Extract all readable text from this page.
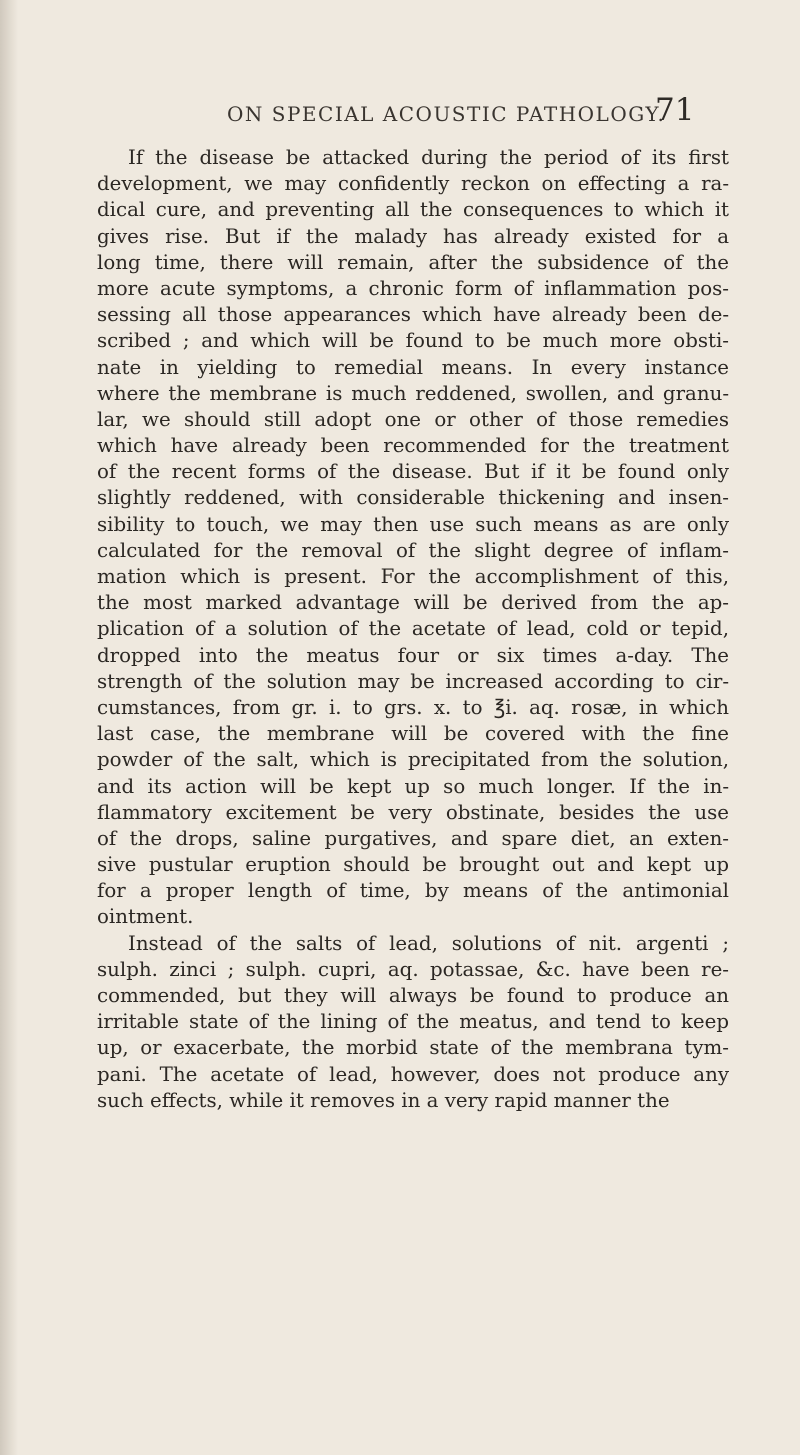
ON SPECIAL ACOUSTIC PATHOLOGY.
71
If the disease be attacked during the period of its first
development, we may confidently reckon on effecting a ra-
dical cure, and preventing all the consequences to which it
gives rise. But if the malady has already existed for a
long time, there will remain, after the subsidence of the
more acute symptoms, a chronic form of inflammation pos-
sessing all those appearances which have already been de-
scribed ; and which will be found to be much more obsti-
nate in yielding to remedial means. In every instance
where the membrane is much reddened, swollen, and granu-
lar, we should still adopt one or other of those remedies
which have already been recommended for the treatment
of the recent forms of the disease. But if it be found only
slightly reddened, with considerable thickening and insen-
sibility to touch, we may then use such means as are only
calculated for the removal of the slight degree of inflam-
mation which is present. For the accomplishment of this,
the most marked advantage will be derived from the ap-
plication of a solution of the acetate of lead, cold or tepid,
dropped into the meatus four or six times a-day. The
strength of the solution may be increased according to cir-
cumstances, from gr. i. to grs. x. to ℥i. aq. rosæ, in which
last case, the membrane will be covered with the fine
powder of the salt, which is precipitated from the solution,
and its action will be kept up so much longer. If the in-
flammatory excitement be very obstinate, besides the use
of the drops, saline purgatives, and spare diet, an exten-
sive pustular eruption should be brought out and kept up
for a proper length of time, by means of the antimonial
ointment.
Instead of the salts of lead, solutions of nit. argenti ;
sulph. zinci ; sulph. cupri, aq. potassae, &c. have been re-
commended, but they will always be found to produce an
irritable state of the lining of the meatus, and tend to keep
up, or exacerbate, the morbid state of the membrana tym-
pani. The acetate of lead, however, does not produce any
such effects, while it removes in a very rapid manner the
